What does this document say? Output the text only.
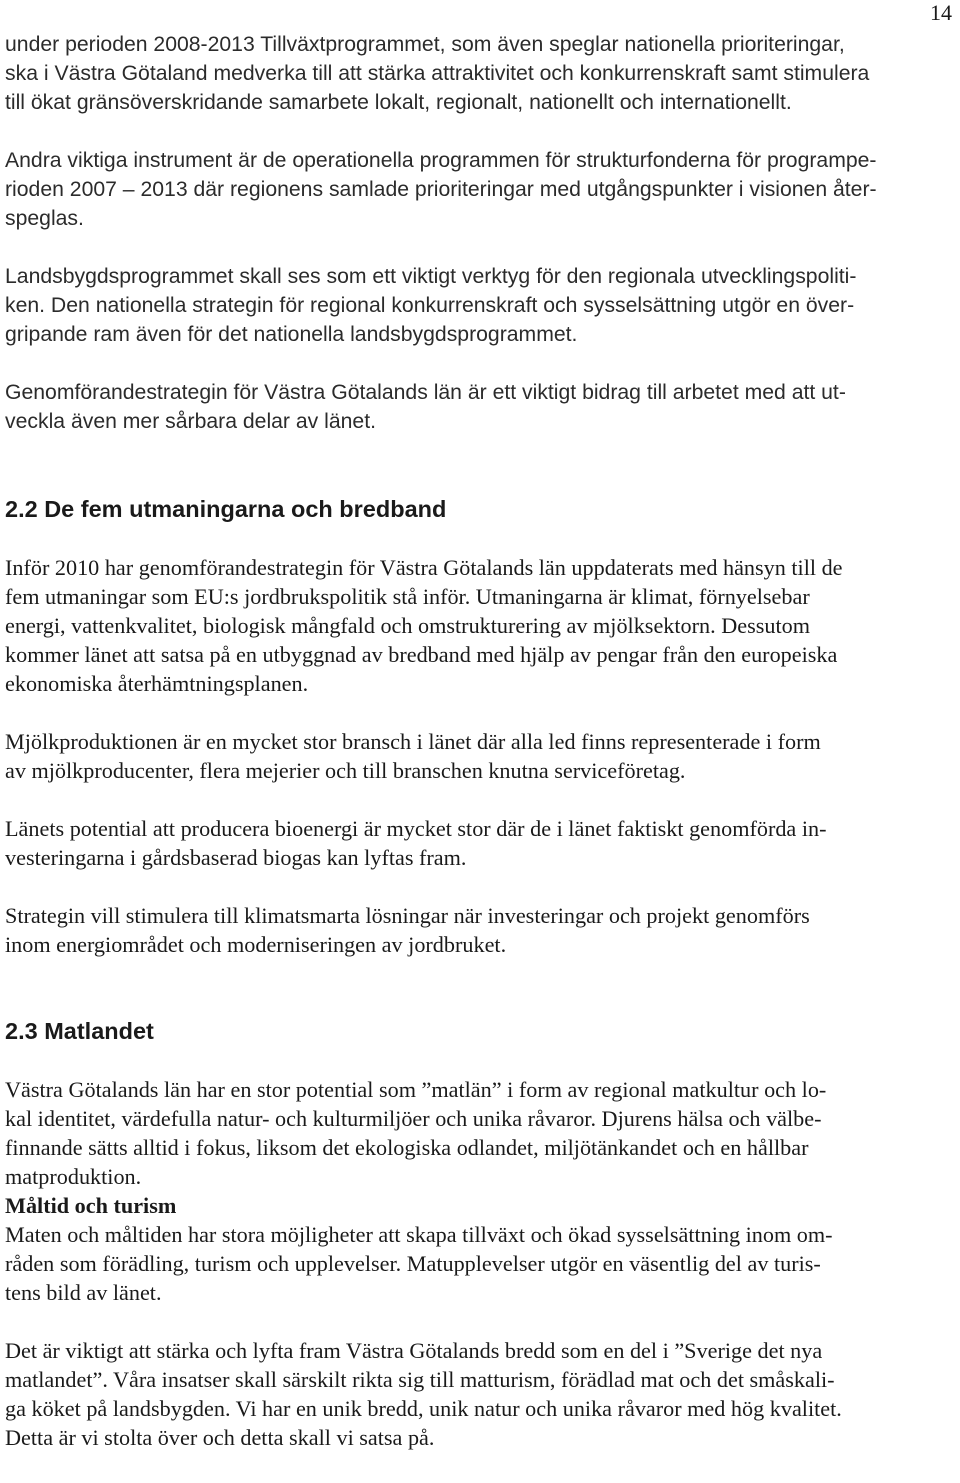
14

under perioden 2008-2013 Tillväxtprogrammet, som även speglar nationella prioriteringar,
ska i Västra Götaland medverka till att stärka attraktivitet och konkurrenskraft samt stimulera
till ökat gränsöverskridande samarbete lokalt, regionalt, nationellt och internationellt.

Andra viktiga instrument är de operationella programmen för strukturfonderna för programpe-
rioden 2007 – 2013 där regionens samlade prioriteringar med utgångspunkter i visionen åter-
speglas.

Landsbygdsprogrammet skall ses som ett viktigt verktyg för den regionala utvecklingspoliti-
ken. Den nationella strategin för regional konkurrenskraft och sysselsättning utgör en över-
gripande ram även för det nationella landsbygdsprogrammet.

Genomförandestrategin för Västra Götalands län är ett viktigt bidrag till arbetet med att ut-
veckla även mer sårbara delar av länet.

2.2 De fem utmaningarna och bredband

Inför 2010 har genomförandestrategin för Västra Götalands län uppdaterats med hänsyn till de
fem utmaningar som EU:s jordbrukspolitik stå inför. Utmaningarna är klimat, förnyelsebar
energi, vattenkvalitet, biologisk mångfald och omstrukturering av mjölksektorn. Dessutom
kommer länet att satsa på en utbyggnad av bredband med hjälp av pengar från den europeiska
ekonomiska återhämtningsplanen.

Mjölkproduktionen är en mycket stor bransch i länet där alla led finns representerade i form
av mjölkproducenter, flera mejerier och till branschen knutna serviceföretag.

Länets potential att producera bioenergi är mycket stor där de i länet faktiskt genomförda in-
vesteringarna i gårdsbaserad biogas kan lyftas fram.

Strategin vill stimulera till klimatsmarta lösningar när investeringar och projekt genomförs
inom energiområdet och moderniseringen av jordbruket.

2.3 Matlandet

Västra Götalands län har en stor potential som ”matlän” i form av regional matkultur och lo-
kal identitet, värdefulla natur- och kulturmiljöer och unika råvaror. Djurens hälsa och välbe-
finnande sätts alltid i fokus, liksom det ekologiska odlandet, miljötänkandet och en hållbar
matproduktion.

Måltid och turism

Maten och måltiden har stora möjligheter att skapa tillväxt och ökad sysselsättning inom om-
råden som förädling, turism och upplevelser. Matupplevelser utgör en väsentlig del av turis-
tens bild av länet.

Det är viktigt att stärka och lyfta fram Västra Götalands bredd som en del i ”Sverige det nya
matlandet”. Våra insatser skall särskilt rikta sig till matturism, förädlad mat och det småskali-
ga köket på landsbygden. Vi har en unik bredd, unik natur och unika råvaror med hög kvalitet.
Detta är vi stolta över och detta skall vi satsa på.
